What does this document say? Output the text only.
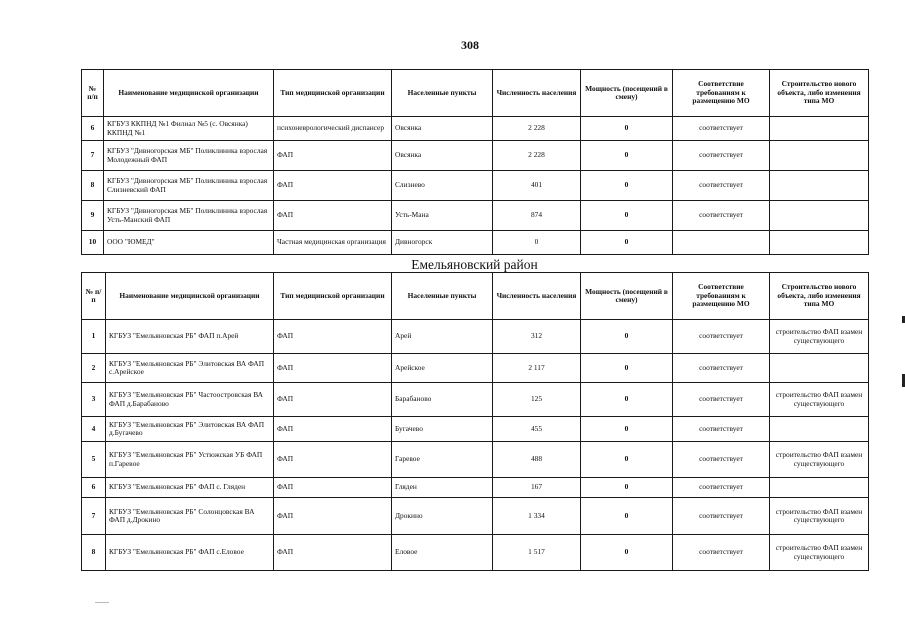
308
№ п/п	Наименование медицинской организации	Тип медицинской организации	Населенные пункты	Численность населения	Мощность (посещений в смену)	Соответствие требованиям к размещению МО	Строительство нового объекта, либо изменения типа МО
6	КГБУЗ ККПНД №1 Филиал №5 (с. Овсянка) ККПНД №1	психоневрологический диспансер	Овсянка	2 228	0	соответствует	
7	КГБУЗ "Дивногорская МБ" Поликлиника взрослая Молодежный ФАП	ФАП	Овсянка	2 228	0	соответствует	
8	КГБУЗ "Дивногорская МБ" Поликлиника взрослая Слизневский ФАП	ФАП	Слизнево	401	0	соответствует	
9	КГБУЗ "Дивногорская МБ" Поликлиника взрослая Усть-Манский ФАП	ФАП	Усть-Мана	874	0	соответствует	
10	ООО "ЮМЕД"	Частная медицинская организация	Дивногорск	0	0		
Емельяновский район
№ п/п	Наименование медицинской организации	Тип медицинской организации	Населенные пункты	Численность населения	Мощность (посещений в смену)	Соответствие требованиям к размещению МО	Строительство нового объекта, либо изменения типа МО
1	КГБУЗ "Емельяновская РБ" ФАП п.Арей	ФАП	Арей	312	0	соответствует	строительство ФАП взамен существующего
2	КГБУЗ "Емельяновская РБ" Элитовская ВА ФАП с.Арейское	ФАП	Арейское	2 117	0	соответствует	
3	КГБУЗ "Емельяновская РБ" Частоостровская ВА ФАП д.Барабаново	ФАП	Барабаново	125	0	соответствует	строительство ФАП взамен существующего
4	КГБУЗ "Емельяновская РБ" Элитовская ВА ФАП д.Бугачево	ФАП	Бугачево	455	0	соответствует	
5	КГБУЗ "Емельяновская РБ" Устюжская УБ ФАП п.Гаревое	ФАП	Гаревое	488	0	соответствует	строительство ФАП взамен существующего
6	КГБУЗ "Емельяновская РБ" ФАП с. Гляден	ФАП	Гляден	167	0	соответствует	
7	КГБУЗ "Емельяновская РБ" Солонцовская ВА ФАП д.Дрокино	ФАП	Дрокино	1 334	0	соответствует	строительство ФАП взамен существующего
8	КГБУЗ "Емельяновская РБ" ФАП с.Еловое	ФАП	Еловое	1 517	0	соответствует	строительство ФАП взамен существующего
